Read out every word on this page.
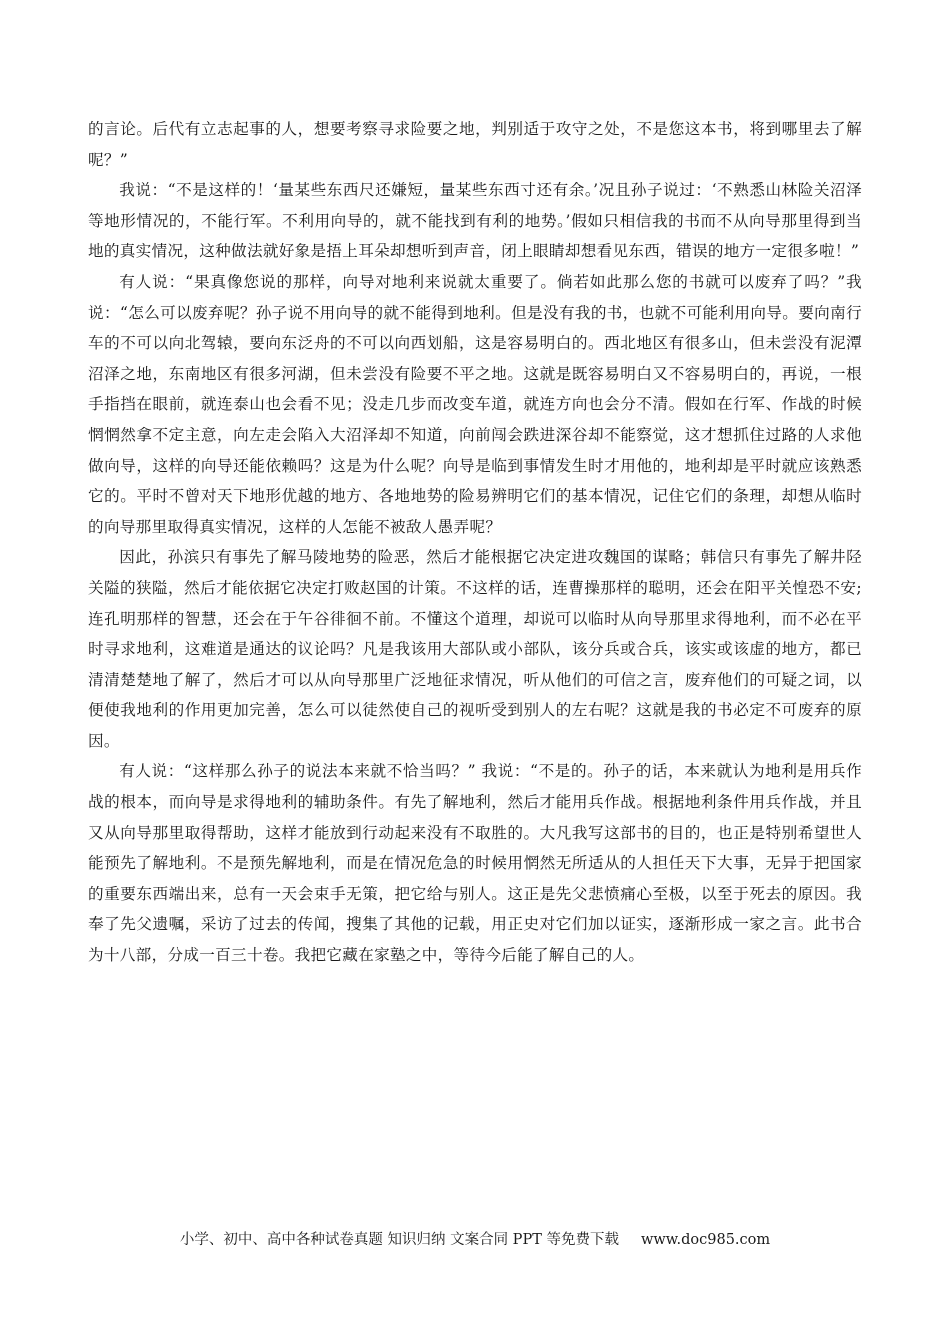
的言论。后代有立志起事的人，想要考察寻求险要之地，判别适于攻守之处，不是您这本书，将到哪里去了解呢？”

我说：“不是这样的！‘量某些东西尺还嫌短，量某些东西寸还有余。’况且孙子说过：‘不熟悉山林险关沼泽等地形情况的，不能行军。不利用向导的，就不能找到有利的地势。’假如只相信我的书而不从向导那里得到当地的真实情况，这种做法就好象是捂上耳朵却想听到声音，闭上眼睛却想看见东西，错误的地方一定很多啦！”

有人说：“果真像您说的那样，向导对地利来说就太重要了。倘若如此那么您的书就可以废弃了吗？”我说：“怎么可以废弃呢？孙子说不用向导的就不能得到地利。但是没有我的书，也就不可能利用向导。要向南行车的不可以向北驾辕，要向东泛舟的不可以向西划船，这是容易明白的。西北地区有很多山，但未尝没有泥潭沼泽之地，东南地区有很多河湖，但未尝没有险要不平之地。这就是既容易明白又不容易明白的，再说，一根手指挡在眼前，就连泰山也会看不见；没走几步而改变车道，就连方向也会分不清。假如在行军、作战的时候惘惘然拿不定主意，向左走会陷入大沼泽却不知道，向前闯会跌进深谷却不能察觉，这才想抓住过路的人求他做向导，这样的向导还能依赖吗？这是为什么呢？向导是临到事情发生时才用他的，地利却是平时就应该熟悉它的。平时不曾对天下地形优越的地方、各地地势的险易辨明它们的基本情况，记住它们的条理，却想从临时的向导那里取得真实情况，这样的人怎能不被敌人愚弄呢？

因此，孙滨只有事先了解马陵地势的险恶，然后才能根据它决定进攻魏国的谋略；韩信只有事先了解井陉关隘的狭隘，然后才能依据它决定打败赵国的计策。不这样的话，连曹操那样的聪明，还会在阳平关惶恐不安;连孔明那样的智慧，还会在于午谷徘徊不前。不懂这个道理，却说可以临时从向导那里求得地利，而不必在平时寻求地利，这难道是通达的议论吗？凡是我该用大部队或小部队，该分兵或合兵，该实或该虚的地方，都已清清楚楚地了解了，然后才可以从向导那里广泛地征求情况，听从他们的可信之言，废弃他们的可疑之词，以便使我地利的作用更加完善，怎么可以徒然使自己的视听受到别人的左右呢？这就是我的书必定不可废弃的原因。

有人说：“这样那么孙子的说法本来就不恰当吗？” 我说：“不是的。孙子的话，本来就认为地利是用兵作战的根本，而向导是求得地利的辅助条件。有先了解地利，然后才能用兵作战。根据地利条件用兵作战，并且又从向导那里取得帮助，这样才能放到行动起来没有不取胜的。大凡我写这部书的目的，也正是特别希望世人能预先了解地利。不是预先解地利，而是在情况危急的时候用惘然无所适从的人担任天下大事，无异于把国家的重要东西端出来，总有一天会束手无策，把它给与别人。这正是先父悲愤痛心至极，以至于死去的原因。我奉了先父遗嘱，采访了过去的传闻，搜集了其他的记载，用正史对它们加以证实，逐渐形成一家之言。此书合为十八部，分成一百三十卷。我把它藏在家塾之中，等待今后能了解自己的人。

小学、初中、高中各种试卷真题 知识归纳 文案合同 PPT 等免费下载 www.doc985.com
